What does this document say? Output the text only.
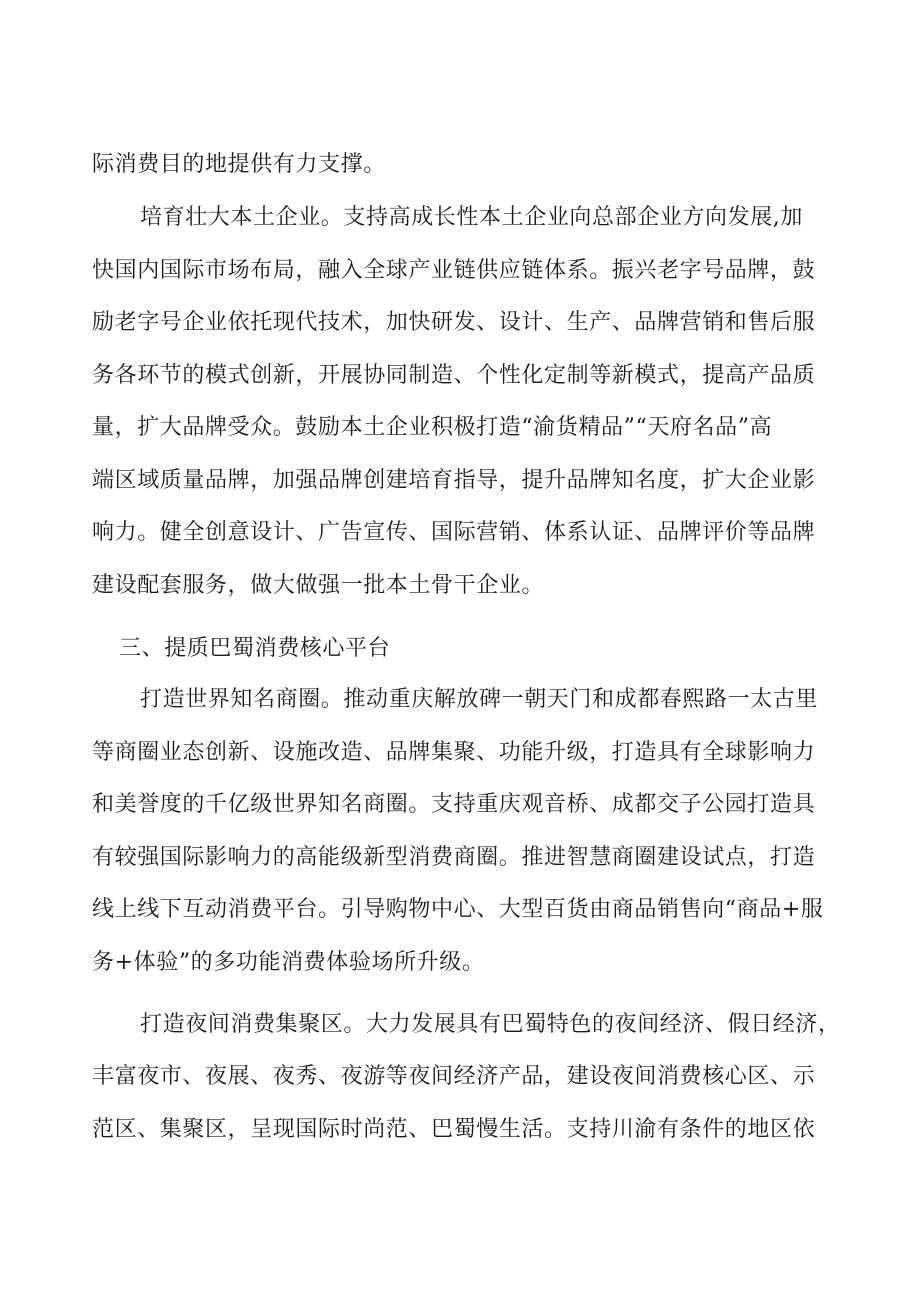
际消费目的地提供有力支撑。
培育壮大本土企业。支持高成长性本土企业向总部企业方向发展,加
快国内国际市场布局，融入全球产业链供应链体系。振兴老字号品牌，鼓
励老字号企业依托现代技术，加快研发、设计、生产、品牌营销和售后服
务各环节的模式创新，开展协同制造、个性化定制等新模式，提高产品质
量，扩大品牌受众。鼓励本土企业积极打造“渝货精品”“天府名品”高
端区域质量品牌，加强品牌创建培育指导，提升品牌知名度，扩大企业影
响力。健全创意设计、广告宣传、国际营销、体系认证、品牌评价等品牌
建设配套服务，做大做强一批本土骨干企业。
三、提质巴蜀消费核心平台
打造世界知名商圈。推动重庆解放碑一朝天门和成都春熙路一太古里
等商圈业态创新、设施改造、品牌集聚、功能升级，打造具有全球影响力
和美誉度的千亿级世界知名商圈。支持重庆观音桥、成都交子公园打造具
有较强国际影响力的高能级新型消费商圈。推进智慧商圈建设试点，打造
线上线下互动消费平台。引导购物中心、大型百货由商品销售向“商品+服
务+体验”的多功能消费体验场所升级。
打造夜间消费集聚区。大力发展具有巴蜀特色的夜间经济、假日经济，
丰富夜市、夜展、夜秀、夜游等夜间经济产品，建设夜间消费核心区、示
范区、集聚区，呈现国际时尚范、巴蜀慢生活。支持川渝有条件的地区依
